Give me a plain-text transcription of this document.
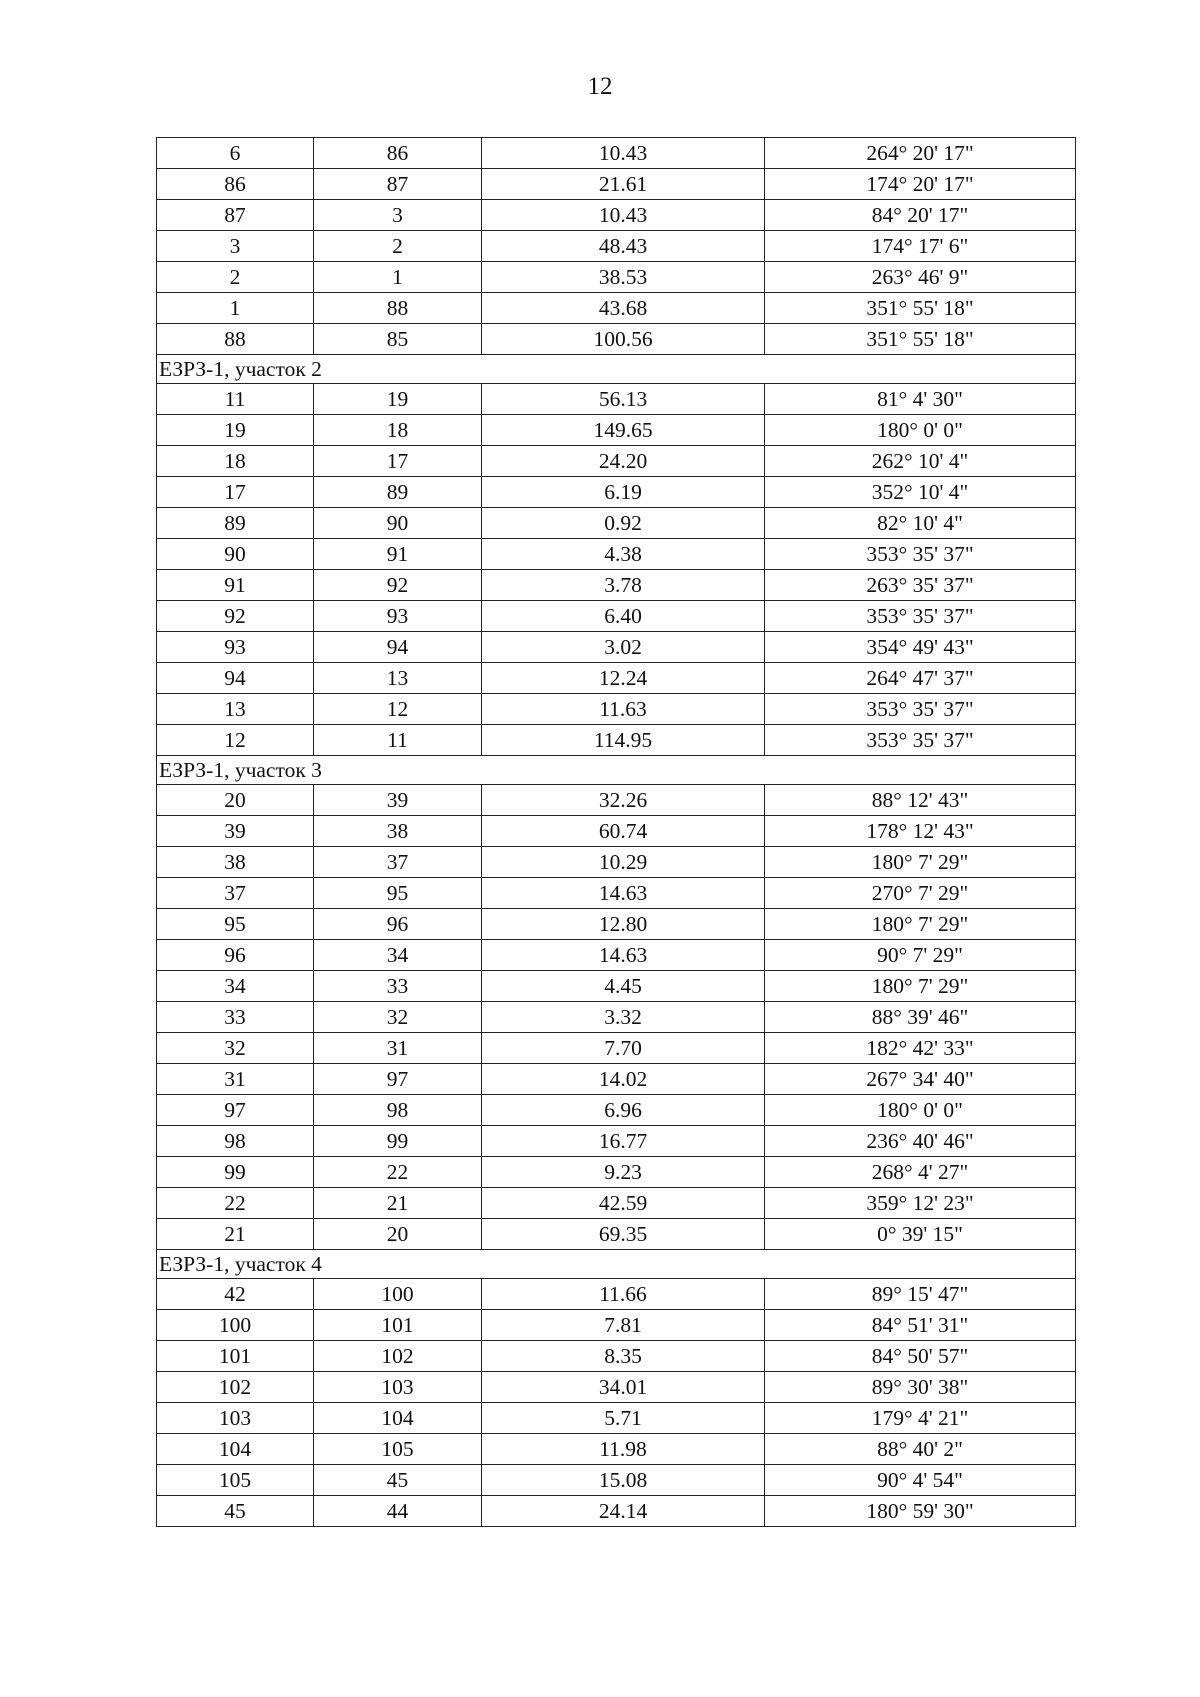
12
6	86	10.43	264° 20' 17"
86	87	21.61	174° 20' 17"
87	3	10.43	84° 20' 17"
3	2	48.43	174° 17' 6"
2	1	38.53	263° 46' 9"
1	88	43.68	351° 55' 18"
88	85	100.56	351° 55' 18"
ЕЗРЗ-1, участок 2			
11	19	56.13	81° 4' 30"
19	18	149.65	180° 0' 0"
18	17	24.20	262° 10' 4"
17	89	6.19	352° 10' 4"
89	90	0.92	82° 10' 4"
90	91	4.38	353° 35' 37"
91	92	3.78	263° 35' 37"
92	93	6.40	353° 35' 37"
93	94	3.02	354° 49' 43"
94	13	12.24	264° 47' 37"
13	12	11.63	353° 35' 37"
12	11	114.95	353° 35' 37"
ЕЗРЗ-1, участок 3			
20	39	32.26	88° 12' 43"
39	38	60.74	178° 12' 43"
38	37	10.29	180° 7' 29"
37	95	14.63	270° 7' 29"
95	96	12.80	180° 7' 29"
96	34	14.63	90° 7' 29"
34	33	4.45	180° 7' 29"
33	32	3.32	88° 39' 46"
32	31	7.70	182° 42' 33"
31	97	14.02	267° 34' 40"
97	98	6.96	180° 0' 0"
98	99	16.77	236° 40' 46"
99	22	9.23	268° 4' 27"
22	21	42.59	359° 12' 23"
21	20	69.35	0° 39' 15"
ЕЗРЗ-1, участок 4			
42	100	11.66	89° 15' 47"
100	101	7.81	84° 51' 31"
101	102	8.35	84° 50' 57"
102	103	34.01	89° 30' 38"
103	104	5.71	179° 4' 21"
104	105	11.98	88° 40' 2"
105	45	15.08	90° 4' 54"
45	44	24.14	180° 59' 30"
